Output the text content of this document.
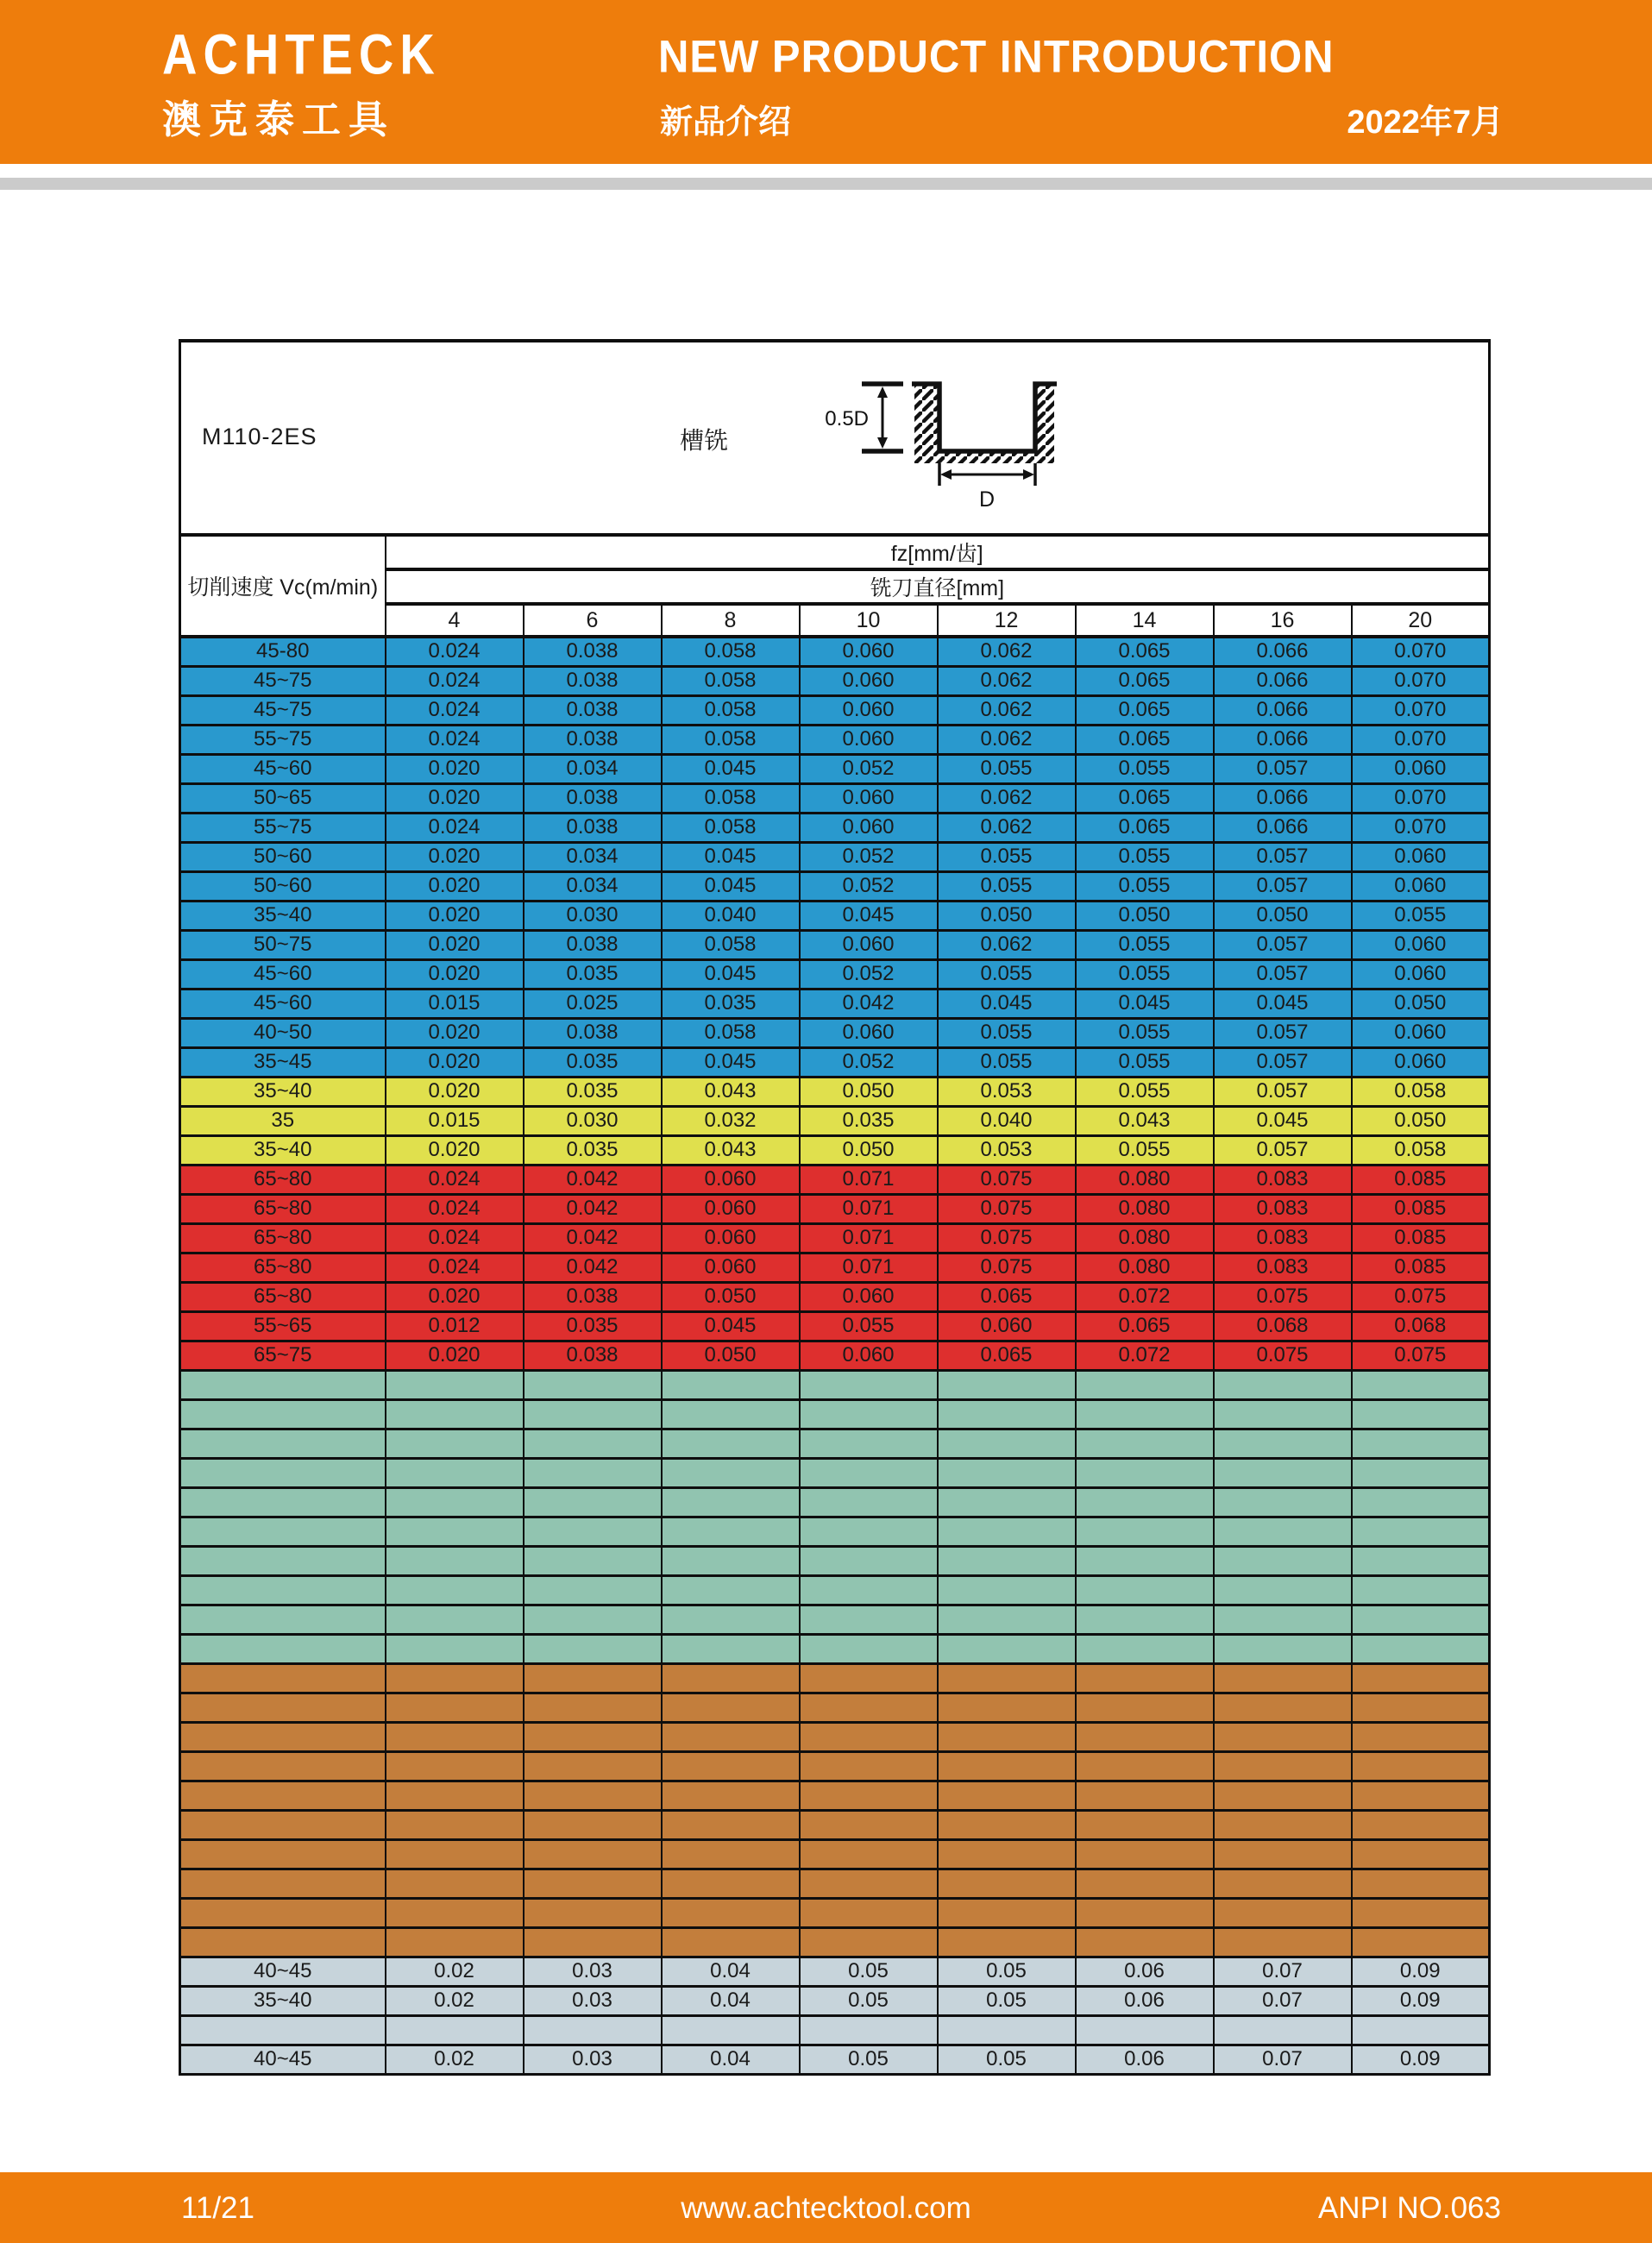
ACHTECK
澳克泰工具
NEW PRODUCT INTRODUCTION
新品介绍	2022年7月
M110-2ES 槽铣
0.5D
D								

切削速度 Vc(m/min)	fz[mm/齿]							
	铣刀直径[mm]							
	4	6	8	10	12	14	16	20
45-80	0.024	0.038	0.058	0.060	0.062	0.065	0.066	0.070
45~75	0.024	0.038	0.058	0.060	0.062	0.065	0.066	0.070
45~75	0.024	0.038	0.058	0.060	0.062	0.065	0.066	0.070
55~75	0.024	0.038	0.058	0.060	0.062	0.065	0.066	0.070
45~60	0.020	0.034	0.045	0.052	0.055	0.055	0.057	0.060
50~65	0.020	0.038	0.058	0.060	0.062	0.065	0.066	0.070
55~75	0.024	0.038	0.058	0.060	0.062	0.065	0.066	0.070
50~60	0.020	0.034	0.045	0.052	0.055	0.055	0.057	0.060
50~60	0.020	0.034	0.045	0.052	0.055	0.055	0.057	0.060
35~40	0.020	0.030	0.040	0.045	0.050	0.050	0.050	0.055
50~75	0.020	0.038	0.058	0.060	0.062	0.055	0.057	0.060
45~60	0.020	0.035	0.045	0.052	0.055	0.055	0.057	0.060
45~60	0.015	0.025	0.035	0.042	0.045	0.045	0.045	0.050
40~50	0.020	0.038	0.058	0.060	0.055	0.055	0.057	0.060
35~45	0.020	0.035	0.045	0.052	0.055	0.055	0.057	0.060
35~40	0.020	0.035	0.043	0.050	0.053	0.055	0.057	0.058
35	0.015	0.030	0.032	0.035	0.040	0.043	0.045	0.050
35~40	0.020	0.035	0.043	0.050	0.053	0.055	0.057	0.058
65~80	0.024	0.042	0.060	0.071	0.075	0.080	0.083	0.085
65~80	0.024	0.042	0.060	0.071	0.075	0.080	0.083	0.085
65~80	0.024	0.042	0.060	0.071	0.075	0.080	0.083	0.085
65~80	0.024	0.042	0.060	0.071	0.075	0.080	0.083	0.085
65~80	0.020	0.038	0.050	0.060	0.065	0.072	0.075	0.075
55~65	0.012	0.035	0.045	0.055	0.060	0.065	0.068	0.068
65~75	0.020	0.038	0.050	0.060	0.065	0.072	0.075	0.075

40~45	0.02	0.03	0.04	0.05	0.05	0.06	0.07	0.09
35~40	0.02	0.03	0.04	0.05	0.05	0.06	0.07	0.09

40~45	0.02	0.03	0.04	0.05	0.05	0.06	0.07	0.09
11/21	www.achtecktool.com	ANPI NO.063
